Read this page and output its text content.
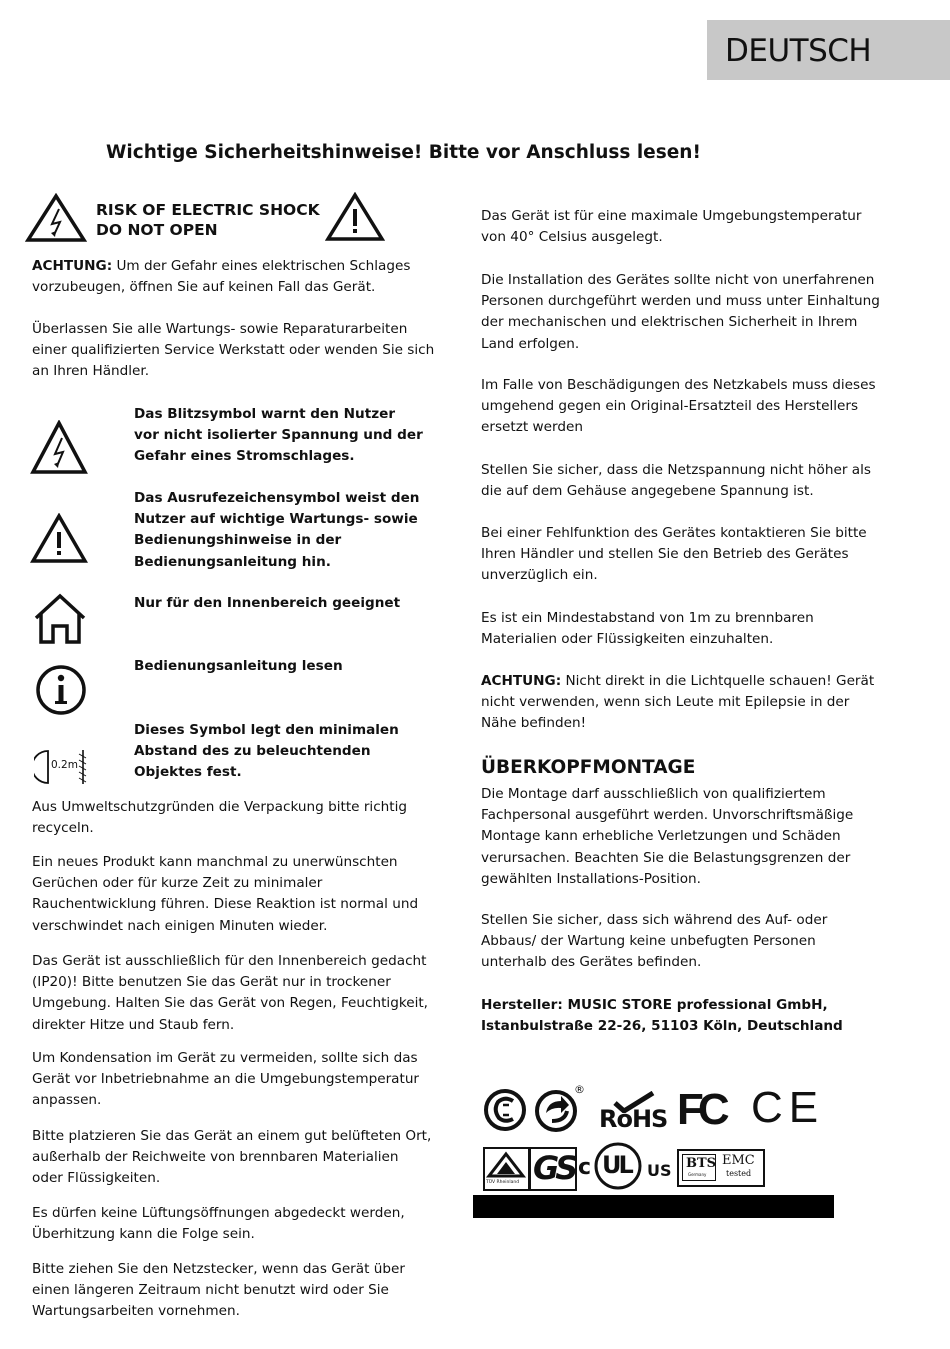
DEUTSCH
Wichtige Sicherheitshinweise! Bitte vor Anschluss lesen!
RISK OF ELECTRIC SHOCK
DO NOT OPEN

ACHTUNG: Um der Gefahr eines elektrischen Schlages
vorzubeugen, öffnen Sie auf keinen Fall das Gerät.

Überlassen Sie alle Wartungs- sowie Reparaturarbeiten
einer qualifizierten Service Werkstatt oder wenden Sie sich
an Ihren Händler.

Das Blitzsymbol warnt den Nutzer
vor nicht isolierter Spannung und der
Gefahr eines Stromschlages.
Das Ausrufezeichensymbol weist den
Nutzer auf wichtige Wartungs- sowie
Bedienungshinweise in der
Bedienungsanleitung hin.
Nur für den Innenbereich geeignet
Bedienungsanleitung lesen
0.2m
Dieses Symbol legt den minimalen
Abstand des zu beleuchtenden
Objektes fest.

Aus Umweltschutzgründen die Verpackung bitte richtig
recyceln.

Ein neues Produkt kann manchmal zu unerwünschten
Gerüchen oder für kurze Zeit zu minimaler
Rauchentwicklung führen. Diese Reaktion ist normal und
verschwindet nach einigen Minuten wieder.

Das Gerät ist ausschließlich für den Innenbereich gedacht
(IP20)! Bitte benutzen Sie das Gerät nur in trockener
Umgebung. Halten Sie das Gerät von Regen, Feuchtigkeit,
direkter Hitze und Staub fern.

Um Kondensation im Gerät zu vermeiden, sollte sich das
Gerät vor Inbetriebnahme an die Umgebungstemperatur
anpassen.

Bitte platzieren Sie das Gerät an einem gut belüfteten Ort,
außerhalb der Reichweite von brennbaren Materialien
oder Flüssigkeiten.

Es dürfen keine Lüftungsöffnungen abgedeckt werden,
Überhitzung kann die Folge sein.

Bitte ziehen Sie den Netzstecker, wenn das Gerät über
einen längeren Zeitraum nicht benutzt wird oder Sie
Wartungsarbeiten vornehmen.

Das Gerät ist für eine maximale Umgebungstemperatur
von 40° Celsius ausgelegt.

Die Installation des Gerätes sollte nicht von unerfahrenen
Personen durchgeführt werden und muss unter Einhaltung
der mechanischen und elektrischen Sicherheit in Ihrem
Land erfolgen.

Im Falle von Beschädigungen des Netzkabels muss dieses
umgehend gegen ein Original-Ersatzteil des Herstellers
ersetzt werden

Stellen Sie sicher, dass die Netzspannung nicht höher als
die auf dem Gehäuse angegebene Spannung ist.

Bei einer Fehlfunktion des Gerätes kontaktieren Sie bitte
Ihren Händler und stellen Sie den Betrieb des Gerätes
unverzüglich ein.

Es ist ein Mindestabstand von 1m zu brennbaren
Materialien oder Flüssigkeiten einzuhalten.

ACHTUNG: Nicht direkt in die Lichtquelle schauen! Gerät
nicht verwenden, wenn sich Leute mit Epilepsie in der
Nähe befinden!

ÜBERKOPFMONTAGE

Die Montage darf ausschließlich von qualifiziertem
Fachpersonal ausgeführt werden. Unvorschriftsmäßige
Montage kann erhebliche Verletzungen und Schäden
verursachen. Beachten Sie die Belastungsgrenzen der
gewählten Installations-Position.

Stellen Sie sicher, dass sich während des Auf- oder
Abbaus/ der Wartung keine unbefugten Personen
unterhalb des Gerätes befinden.

Hersteller: MUSIC STORE professional GmbH,
Istanbulstraße 22-26, 51103 Köln, Deutschland

®
RoHS FC CE
TÜV Rheinland GS c UL US BTS
Germany
EMC
tested
